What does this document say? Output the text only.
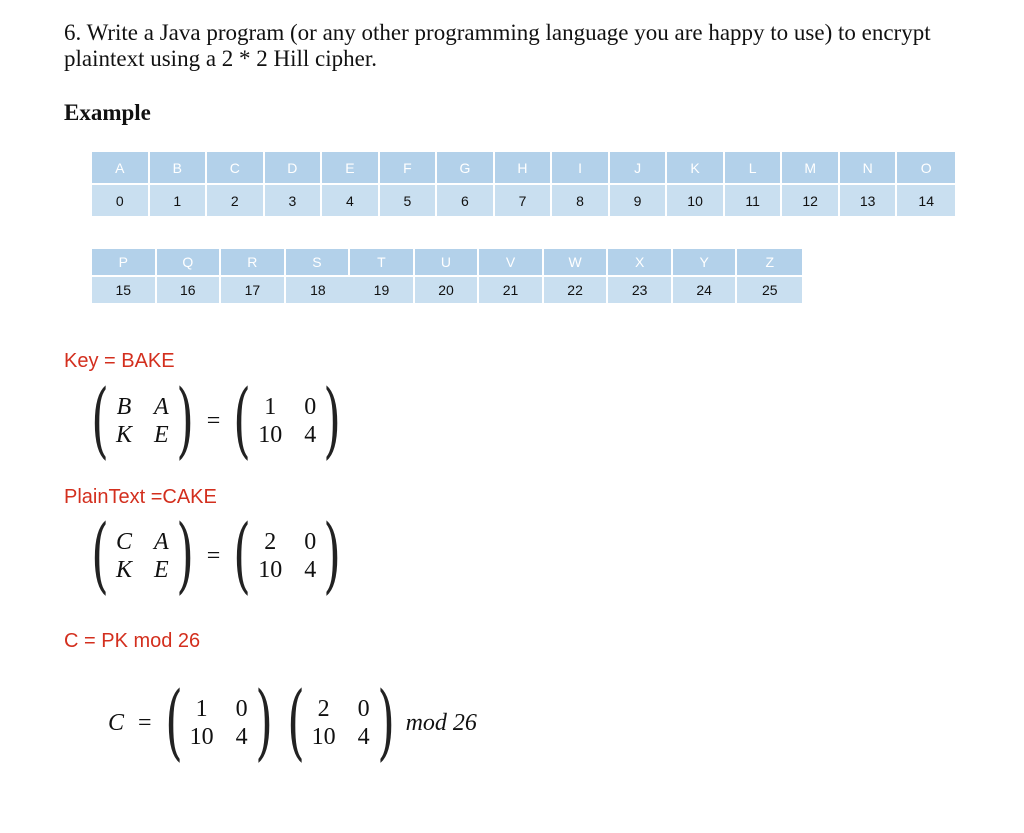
6. Write a Java program (or any other programming language you are happy to use) to encrypt
plaintext using a 2 * 2 Hill cipher.
Example
A	B	C	D	E	F	G	H	I	J	K	L	M	N	O
0	1	2	3	4	5	6	7	8	9	10	11	12	13	14
P	Q	R	S	T	U	V	W	X	Y	Z
15	16	17	18	19	20	21	22	23	24	25
Key = BAKE
( B A
K E ) = ( 1 0
10 4 )
PlainText =CAKE
( C A
K E ) = ( 2 0
10 4 )
C = PK mod 26
C = ( 1 0
10 4 ) ( 2 0
10 4 ) mod 26
